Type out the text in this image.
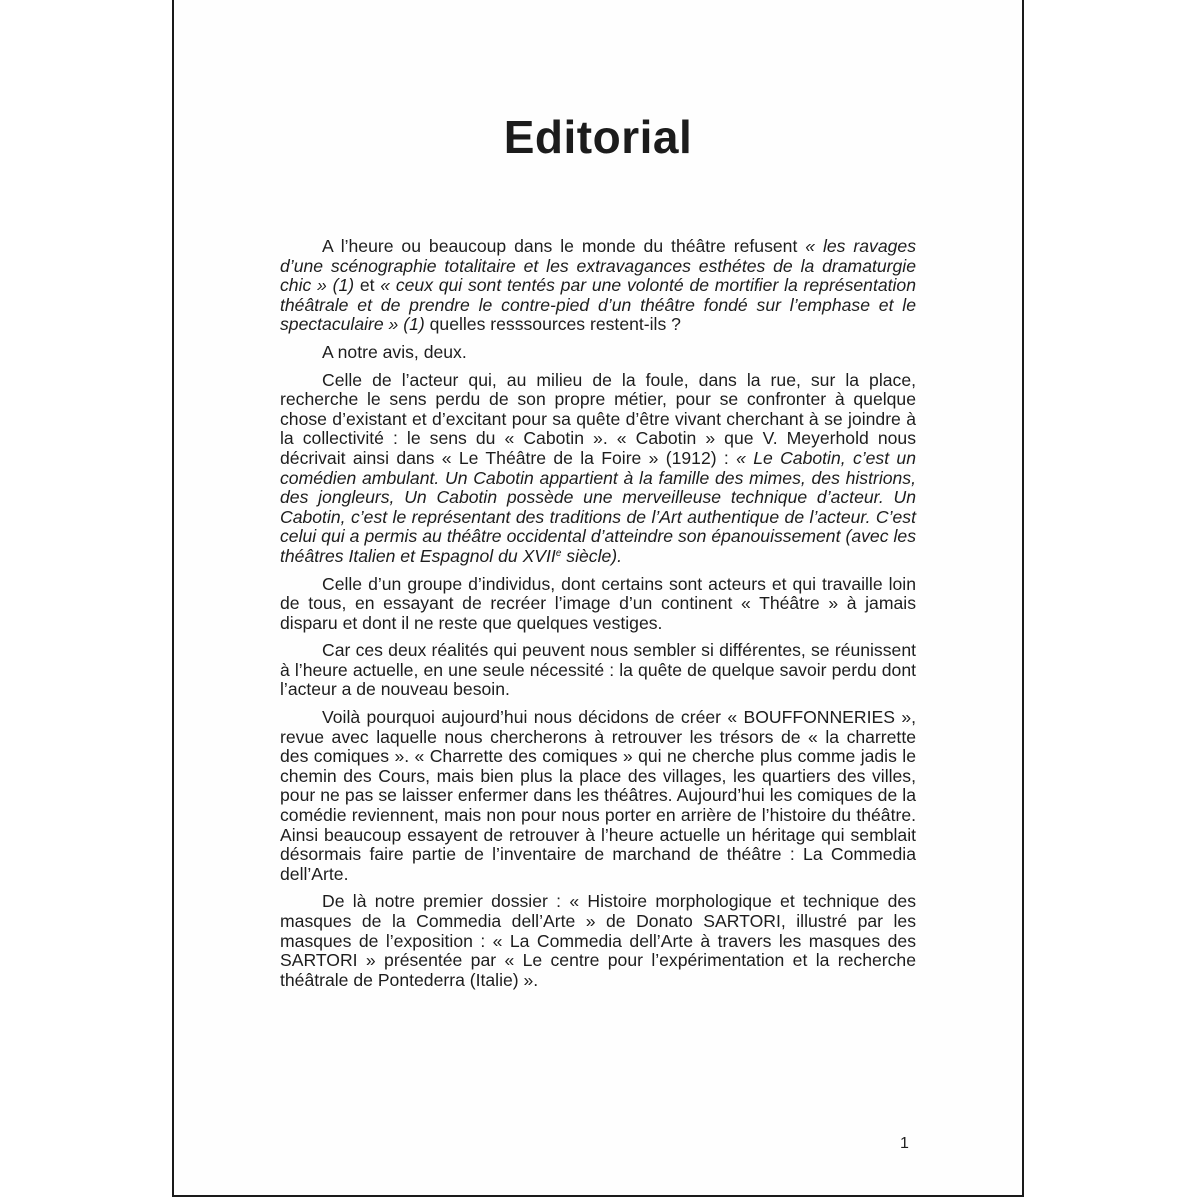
Editorial

A l’heure ou beaucoup dans le monde du théâtre refusent « les ravages d’une scénographie totalitaire et les extravagances esthétes de la dramaturgie chic » (1) et « ceux qui sont tentés par une volonté de mortifier la représentation théâtrale et de prendre le contre-pied d’un théâtre fondé sur l’emphase et le spectaculaire » (1) quelles resssources restent-ils ?

A notre avis, deux.

Celle de l’acteur qui, au milieu de la foule, dans la rue, sur la place, recherche le sens perdu de son propre métier, pour se confronter à quelque chose d’existant et d’excitant pour sa quête d’être vivant cherchant à se joindre à la collectivité : le sens du « Cabotin ». « Cabotin » que V. Meyerhold nous décrivait ainsi dans « Le Théâtre de la Foire » (1912) : « Le Cabotin, c’est un comédien ambulant. Un Cabotin appartient à la famille des mimes, des histrions, des jongleurs, Un Cabotin possède une merveilleuse technique d’acteur. Un Cabotin, c’est le représentant des traditions de l’Art authentique de l’acteur. C’est celui qui a permis au théâtre occidental d’atteindre son épanouissement (avec les théâtres Italien et Espagnol du XVIIe siècle).

Celle d’un groupe d’individus, dont certains sont acteurs et qui travaille loin de tous, en essayant de recréer l’image d’un continent « Théâtre » à jamais disparu et dont il ne reste que quelques vestiges.

Car ces deux réalités qui peuvent nous sembler si différentes, se réunissent à l’heure actuelle, en une seule nécessité : la quête de quelque savoir perdu dont l’acteur a de nouveau besoin.

Voilà pourquoi aujourd’hui nous décidons de créer « BOUFFONNERIES », revue avec laquelle nous chercherons à retrouver les trésors de « la charrette des comiques ». « Charrette des comiques » qui ne cherche plus comme jadis le chemin des Cours, mais bien plus la place des villages, les quartiers des villes, pour ne pas se laisser enfermer dans les théâtres. Aujourd’hui les comiques de la comédie reviennent, mais non pour nous porter en arrière de l’histoire du théâtre. Ainsi beaucoup essayent de retrouver à l’heure actuelle un héritage qui semblait désormais faire partie de l’inventaire de marchand de théâtre : La Commedia dell’Arte.

De là notre premier dossier : « Histoire morphologique et technique des masques de la Commedia dell’Arte » de Donato SARTORI, illustré par les masques de l’exposition : « La Commedia dell’Arte à travers les masques des SARTORI » présentée par « Le centre pour l’expérimentation et la recherche théâtrale de Pontederra (Italie) ».

1
